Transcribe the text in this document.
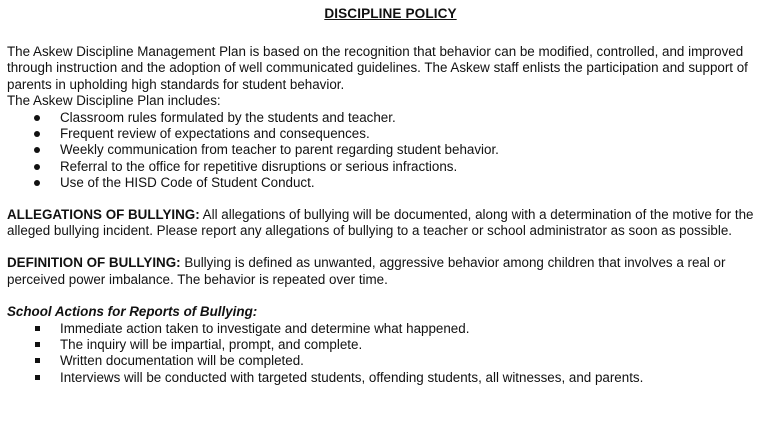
DISCIPLINE POLICY

The Askew Discipline Management Plan is based on the recognition that behavior can be modified, controlled, and improved through instruction and the adoption of well communicated guidelines. The Askew staff enlists the participation and support of parents in upholding high standards for student behavior.

The Askew Discipline Plan includes:

Classroom rules formulated by the students and teacher.
Frequent review of expectations and consequences.
Weekly communication from teacher to parent regarding student behavior.
Referral to the office for repetitive disruptions or serious infractions.
Use of the HISD Code of Student Conduct.

ALLEGATIONS OF BULLYING: All allegations of bullying will be documented, along with a determination of the motive for the alleged bullying incident. Please report any allegations of bullying to a teacher or school administrator as soon as possible.

DEFINITION OF BULLYING: Bullying is defined as unwanted, aggressive behavior among children that involves a real or perceived power imbalance. The behavior is repeated over time.

School Actions for Reports of Bullying:

Immediate action taken to investigate and determine what happened.
The inquiry will be impartial, prompt, and complete.
Written documentation will be completed.
Interviews will be conducted with targeted students, offending students, all witnesses, and parents.
